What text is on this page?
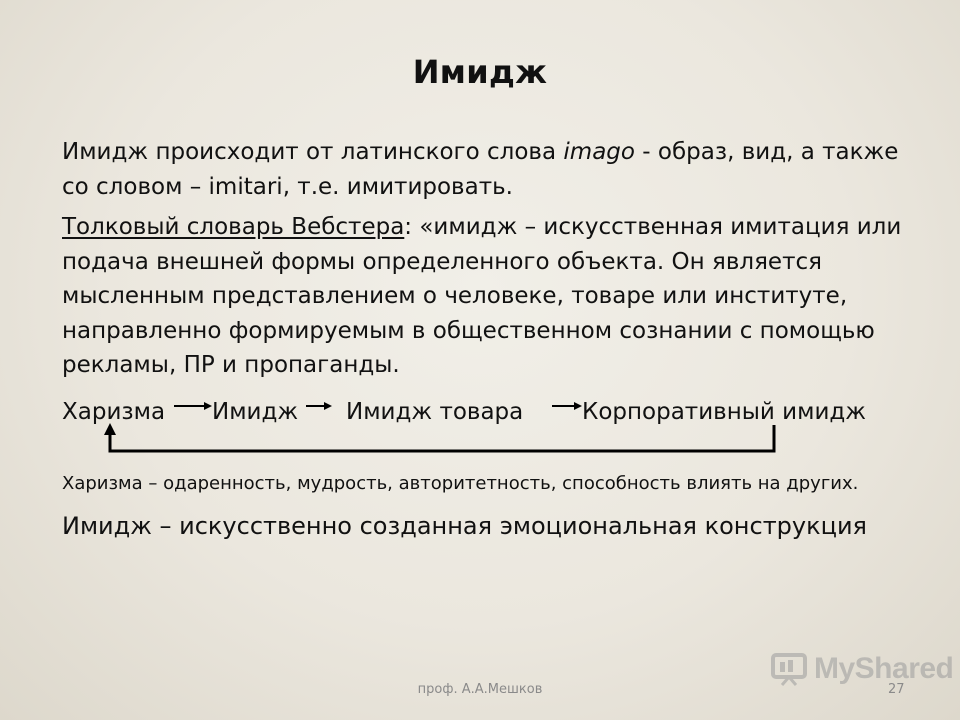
Имидж

Имидж происходит от латинского слова imago - образ, вид, а также со словом – imitari, т.е. имитировать.

Толковый словарь Вебстера: «имидж – искусственная имитация или подача внешней формы определенного объекта. Он является мысленным представлением о человеке, товаре или институте, направленно формируемым в общественном сознании с помощью рекламы, ПР и пропаганды.

Харизма Имидж Имидж товара	Корпоративный имидж
Харизма – одаренность, мудрость, авторитетность, способность влиять на других.
Имидж – искусственно созданная эмоциональная конструкция
проф. А.А.Мешков	27
MyShared
